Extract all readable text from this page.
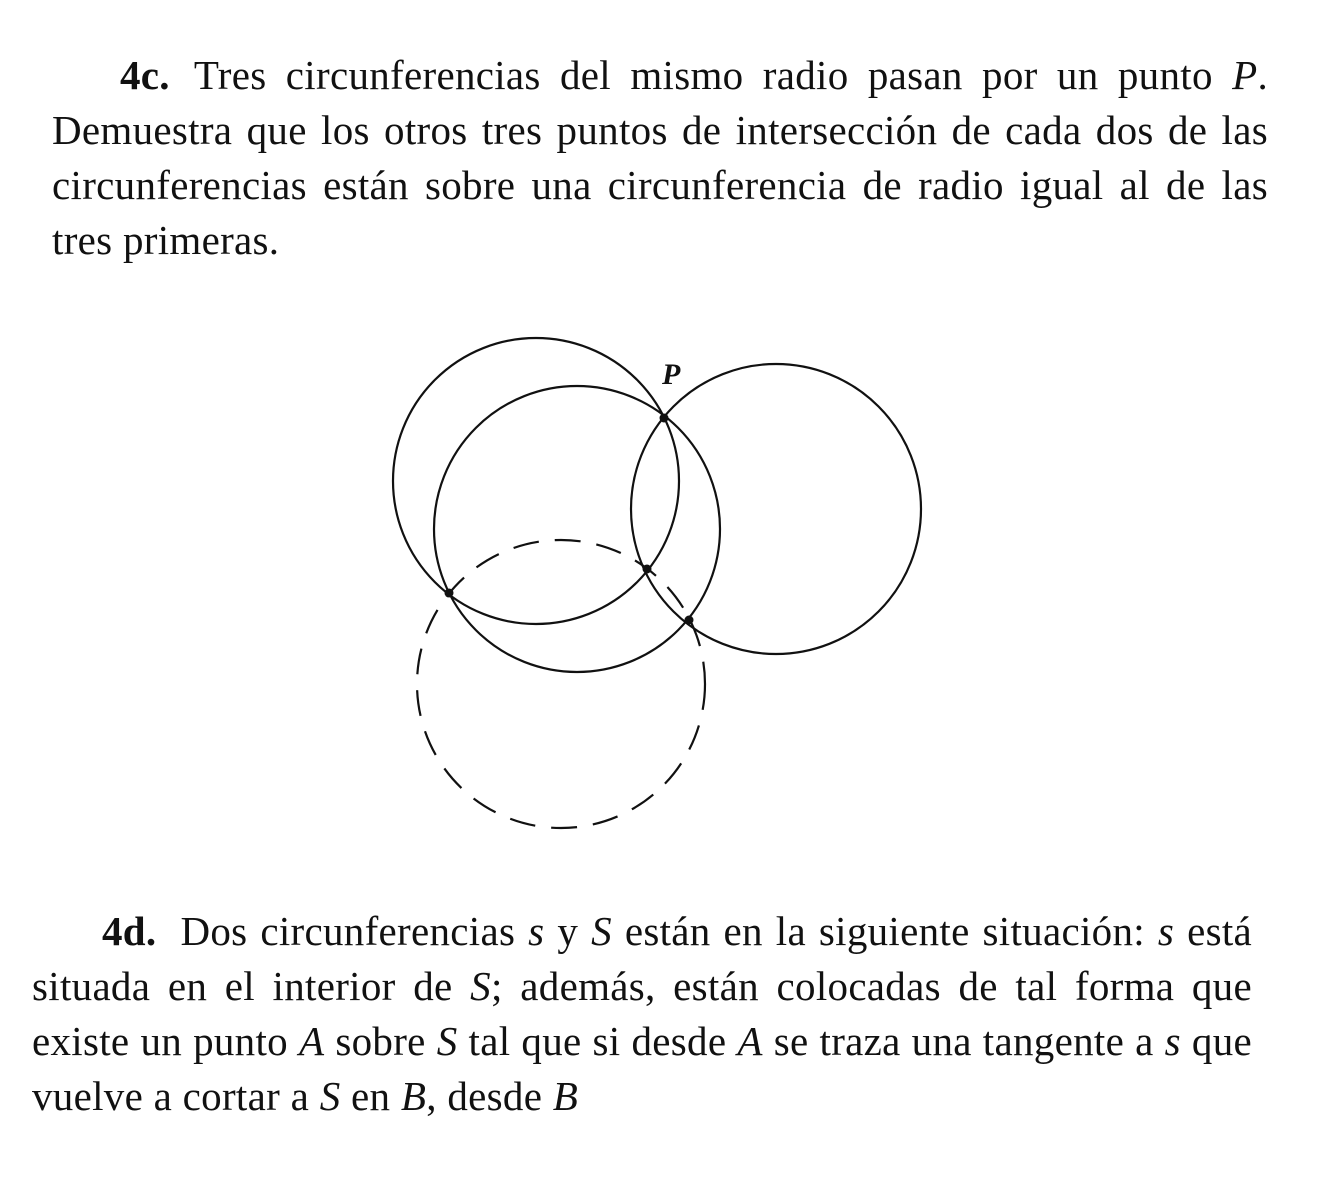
4c. Tres circunferencias del mismo radio pasan por un punto P. Demuestra que los otros tres puntos de intersección de cada dos de las circunferencias están sobre una circunferencia de radio igual al de las tres primeras.
P
4d. Dos circunferencias s y S están en la siguiente situación: s está situada en el interior de S; además, están colocadas de tal forma que existe un punto A sobre S tal que si desde A se traza una tangente a s que vuelve a cortar a S en B, desde B
